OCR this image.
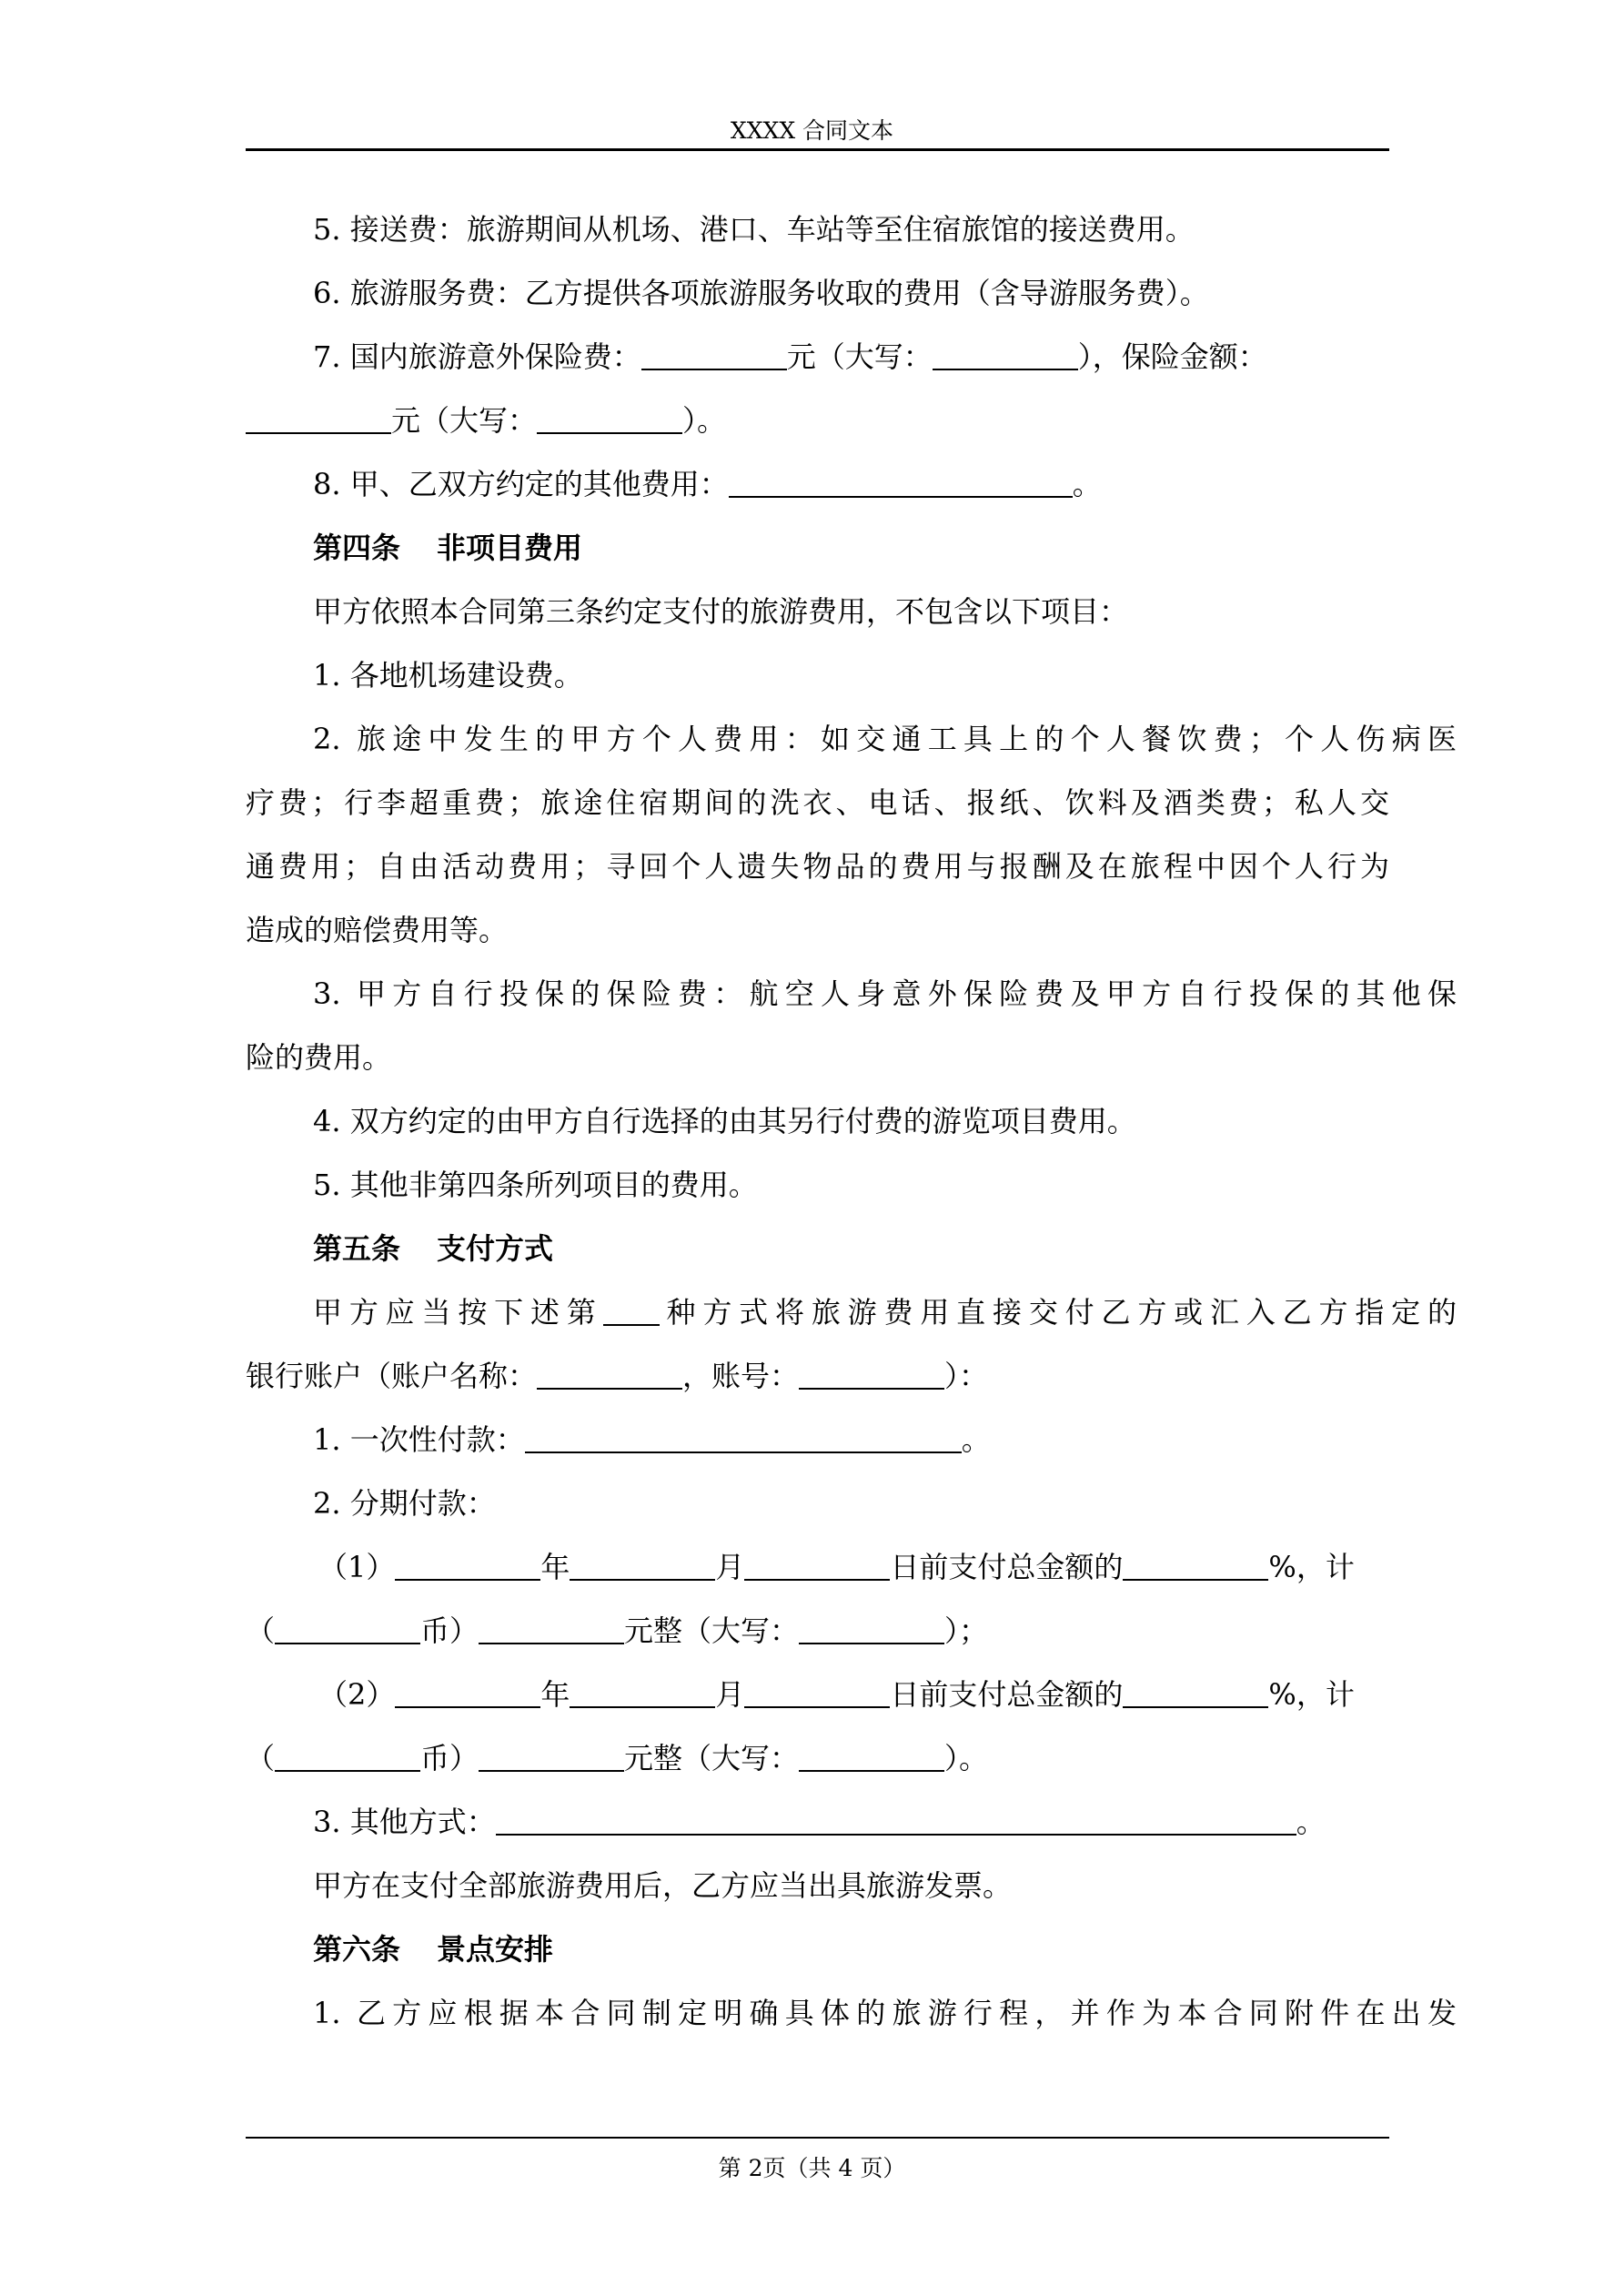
XXXX 合同文本
5. 接送费：旅游期间从机场、港口、车站等至住宿旅馆的接送费用。
6. 旅游服务费：乙方提供各项旅游服务收取的费用（含导游服务费）。
7. 国内旅游意外保险费：	元（大写：	），保险金额：
元（大写：	）。
8. 甲、乙双方约定的其他费用：	。
第四条 非项目费用
甲方依照本合同第三条约定支付的旅游费用，不包含以下项目：
1. 各地机场建设费。
2. 旅途中发生的甲方个人费用：如交通工具上的个人餐饮费；个人伤病医
疗费；行李超重费；旅途住宿期间的洗衣、电话、报纸、饮料及酒类费；私人交
通费用；自由活动费用；寻回个人遗失物品的费用与报酬及在旅程中因个人行为
造成的赔偿费用等。
3. 甲方自行投保的保险费：航空人身意外保险费及甲方自行投保的其他保
险的费用。
4. 双方约定的由甲方自行选择的由其另行付费的游览项目费用。
5. 其他非第四条所列项目的费用。
第五条 支付方式
甲方应当按下述第 种方式将旅游费用直接交付乙方或汇入乙方指定的
银行账户（账户名称：	，账号：	）：
1. 一次性付款：	。
2. 分期付款：
（1）	年	月	日前支付总金额的	%，计
（	币）	元整（大写：	）；
（2）	年	月	日前支付总金额的	%，计
（	币）	元整（大写：	）。
3. 其他方式：	。
甲方在支付全部旅游费用后，乙方应当出具旅游发票。
第六条 景点安排
1. 乙方应根据本合同制定明确具体的旅游行程，并作为本合同附件在出发
第 2页（共 4 页）
